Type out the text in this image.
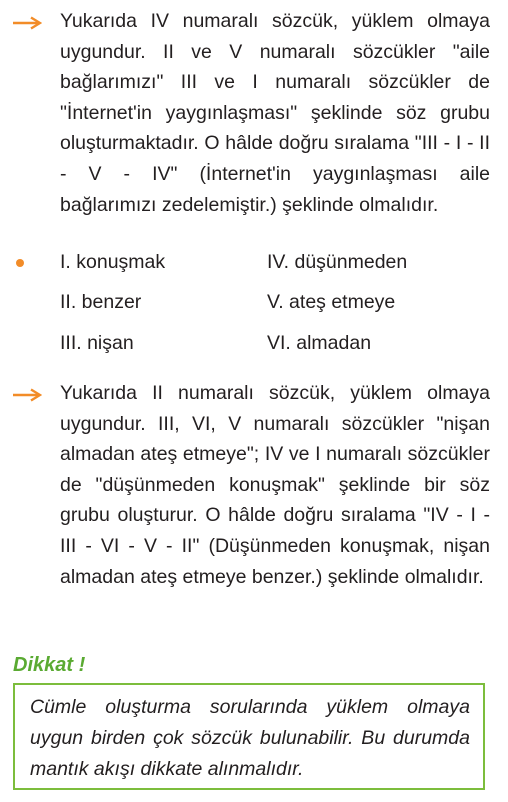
Yukarıda IV numaralı sözcük, yüklem olmaya uygundur. II ve V numaralı sözcükler "aile bağlarımızı" III ve I numaralı sözcükler de "İnternet'in yaygınlaşması" şeklinde söz grubu oluşturmaktadır. O hâlde doğru sıralama "III - I - II - V - IV" (İnternet'in yaygınlaşması aile bağlarımızı zedelemiştir.) şeklinde olmalıdır.
I. konuşmak
II. benzer
III. nişan
IV. düşünmeden
V. ateş etmeye
VI. almadan
Yukarıda II numaralı sözcük, yüklem olmaya uygundur. III, VI, V numaralı sözcükler "nişan almadan ateş etmeye"; IV ve I numaralı sözcükler de "düşünmeden konuşmak" şeklinde bir söz grubu oluşturur. O hâlde doğru sıralama "IV - I - III - VI - V - II" (Düşünmeden konuşmak, nişan almadan ateş etmeye benzer.) şeklinde olmalıdır.
Dikkat !
Cümle oluşturma sorularında yüklem olmaya uygun birden çok sözcük bulunabilir. Bu durumda mantık akışı dikkate alınmalıdır.
